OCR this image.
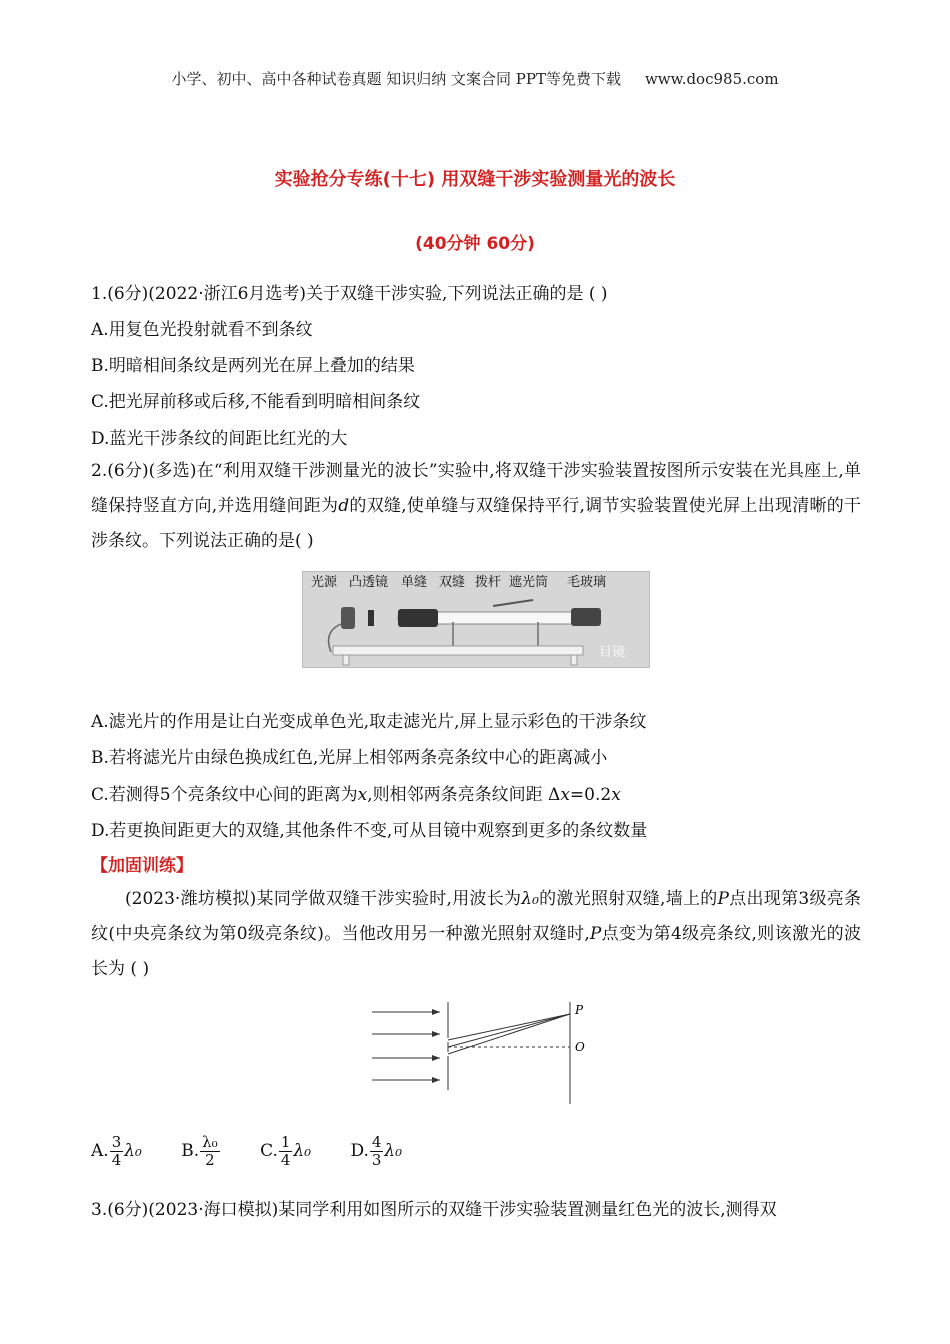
小学、初中、高中各种试卷真题 知识归纳 文案合同 PPT等免费下载 www.doc985.com
实验抢分专练(十七) 用双缝干涉实验测量光的波长
(40分钟 60分)
1.(6分)(2022·浙江6月选考)关于双缝干涉实验,下列说法正确的是 ( )
A.用复色光投射就看不到条纹
B.明暗相间条纹是两列光在屏上叠加的结果
C.把光屏前移或后移,不能看到明暗相间条纹
D.蓝光干涉条纹的间距比红光的大
2.(6分)(多选)在“利用双缝干涉测量光的波长”实验中,将双缝干涉实验装置按图所示安装在光具座上,单缝保持竖直方向,并选用缝间距为d的双缝,使单缝与双缝保持平行,调节实验装置使光屏上出现清晰的干涉条纹。下列说法正确的是( )
光源 凸透镜 单缝 双缝 拨杆 遮光筒 毛玻璃
目镜
A.滤光片的作用是让白光变成单色光,取走滤光片,屏上显示彩色的干涉条纹
B.若将滤光片由绿色换成红色,光屏上相邻两条亮条纹中心的距离减小
C.若测得5个亮条纹中心间的距离为x,则相邻两条亮条纹间距 Δx=0.2x
D.若更换间距更大的双缝,其他条件不变,可从目镜中观察到更多的条纹数量
【加固训练】
(2023·潍坊模拟)某同学做双缝干涉实验时,用波长为λ₀的激光照射双缝,墙上的P点出现第3级亮条纹(中央亮条纹为第0级亮条纹)。当他改用另一种激光照射双缝时,P点变为第4级亮条纹,则该激光的波长为 ( )
P
O
A. $\frac{3}{4} \lambda_0$ B. $\frac{\text{λ₀}}{2} C$. $\frac{1}{4} \lambda_0$ D. $\frac{4}{3} \lambda_0$
3.(6分)(2023·海口模拟)某同学利用如图所示的双缝干涉实验装置测量红色光的波长,测得双
